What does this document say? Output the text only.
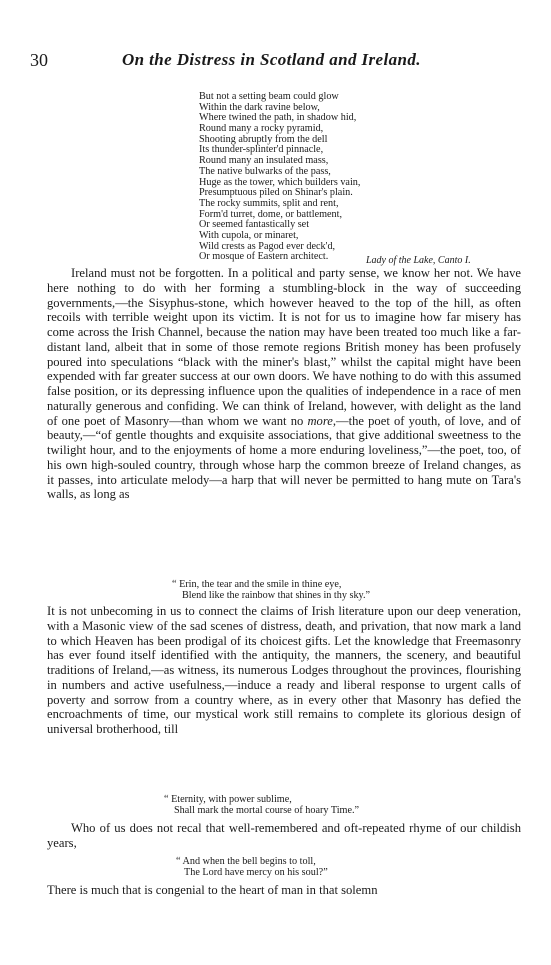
30	On the Distress in Scotland and Ireland.
But not a setting beam could glow
Within the dark ravine below,
Where twined the path, in shadow hid,
Round many a rocky pyramid,
Shooting abruptly from the dell
Its thunder-splinter'd pinnacle,
Round many an insulated mass,
The native bulwarks of the pass,
Huge as the tower, which builders vain,
Presumptuous piled on Shinar's plain.
The rocky summits, split and rent,
Form'd turret, dome, or battlement,
Or seemed fantastically set
With cupola, or minaret,
Wild crests as Pagod ever deck'd,
Or mosque of Eastern architect.	Lady of the Lake, Canto I.

Ireland must not be forgotten. In a political and party sense, we know her not. We have here nothing to do with her forming a stumbling-block in the way of succeeding governments,—the Sisyphus-stone, which however heaved to the top of the hill, as often recoils with terrible weight upon its victim. It is not for us to imagine how far misery has come across the Irish Channel, because the nation may have been treated too much like a far-distant land, albeit that in some of those remote regions British money has been profusely poured into speculations “black with the miner's blast,” whilst the capital might have been expended with far greater success at our own doors. We have nothing to do with this assumed false position, or its depressing influence upon the qualities of independence in a race of men naturally generous and confiding. We can think of Ireland, however, with delight as the land of one poet of Masonry—than whom we want no more,—the poet of youth, of love, and of beauty,—“of gentle thoughts and exquisite associations, that give additional sweetness to the twilight hour, and to the enjoyments of home a more enduring loveliness,”—the poet, too, of his own high-souled country, through whose harp the common breeze of Ireland changes, as it passes, into articulate melody—a harp that will never be permitted to hang mute on Tara's walls, as long as

“ Erin, the tear and the smile in thine eye,
Blend like the rainbow that shines in thy sky.”

It is not unbecoming in us to connect the claims of Irish literature upon our deep veneration, with a Masonic view of the sad scenes of distress, death, and privation, that now mark a land to which Heaven has been prodigal of its choicest gifts. Let the knowledge that Freemasonry has ever found itself identified with the antiquity, the manners, the scenery, and beautiful traditions of Ireland,—as witness, its numerous Lodges throughout the provinces, flourishing in numbers and active usefulness,—induce a ready and liberal response to urgent calls of poverty and sorrow from a country where, as in every other that Masonry has defied the encroachments of time, our mystical work still remains to complete its glorious design of universal brotherhood, till

“ Eternity, with power sublime,
Shall mark the mortal course of hoary Time.”

Who of us does not recal that well-remembered and oft-repeated rhyme of our childish years,

“ And when the bell begins to toll,
The Lord have mercy on his soul?”

There is much that is congenial to the heart of man in that solemn
